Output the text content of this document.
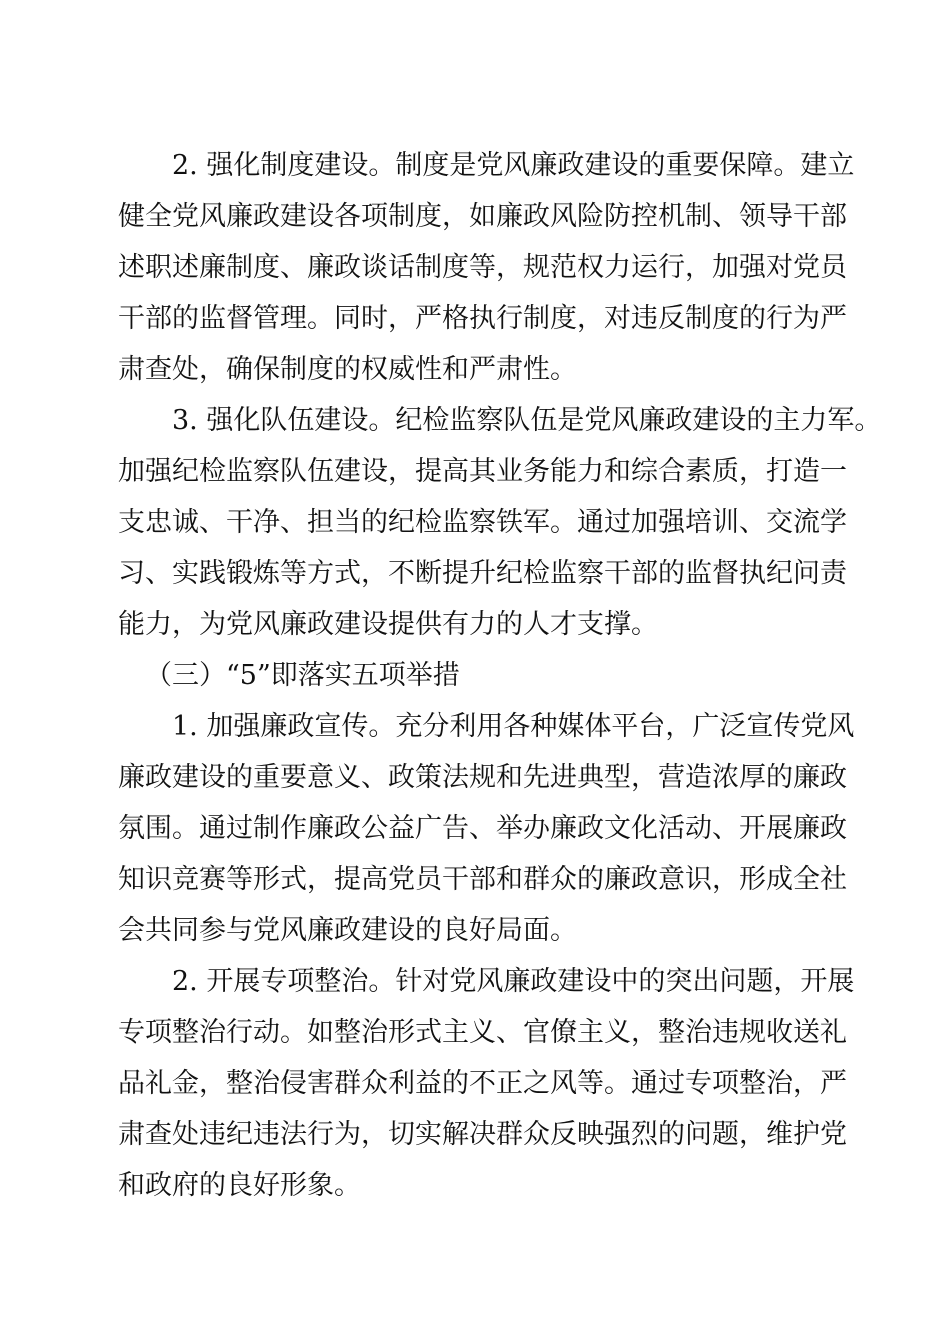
2. 强化制度建设。制度是党风廉政建设的重要保障。建立
健全党风廉政建设各项制度，如廉政风险防控机制、领导干部
述职述廉制度、廉政谈话制度等，规范权力运行，加强对党员
干部的监督管理。同时，严格执行制度，对违反制度的行为严
肃查处，确保制度的权威性和严肃性。
3. 强化队伍建设。纪检监察队伍是党风廉政建设的主力军。
加强纪检监察队伍建设，提高其业务能力和综合素质，打造一
支忠诚、干净、担当的纪检监察铁军。通过加强培训、交流学
习、实践锻炼等方式，不断提升纪检监察干部的监督执纪问责
能力，为党风廉政建设提供有力的人才支撑。
（三）“5”即落实五项举措
1. 加强廉政宣传。充分利用各种媒体平台，广泛宣传党风
廉政建设的重要意义、政策法规和先进典型，营造浓厚的廉政
氛围。通过制作廉政公益广告、举办廉政文化活动、开展廉政
知识竞赛等形式，提高党员干部和群众的廉政意识，形成全社
会共同参与党风廉政建设的良好局面。
2. 开展专项整治。针对党风廉政建设中的突出问题，开展
专项整治行动。如整治形式主义、官僚主义，整治违规收送礼
品礼金，整治侵害群众利益的不正之风等。通过专项整治，严
肃查处违纪违法行为，切实解决群众反映强烈的问题，维护党
和政府的良好形象。
